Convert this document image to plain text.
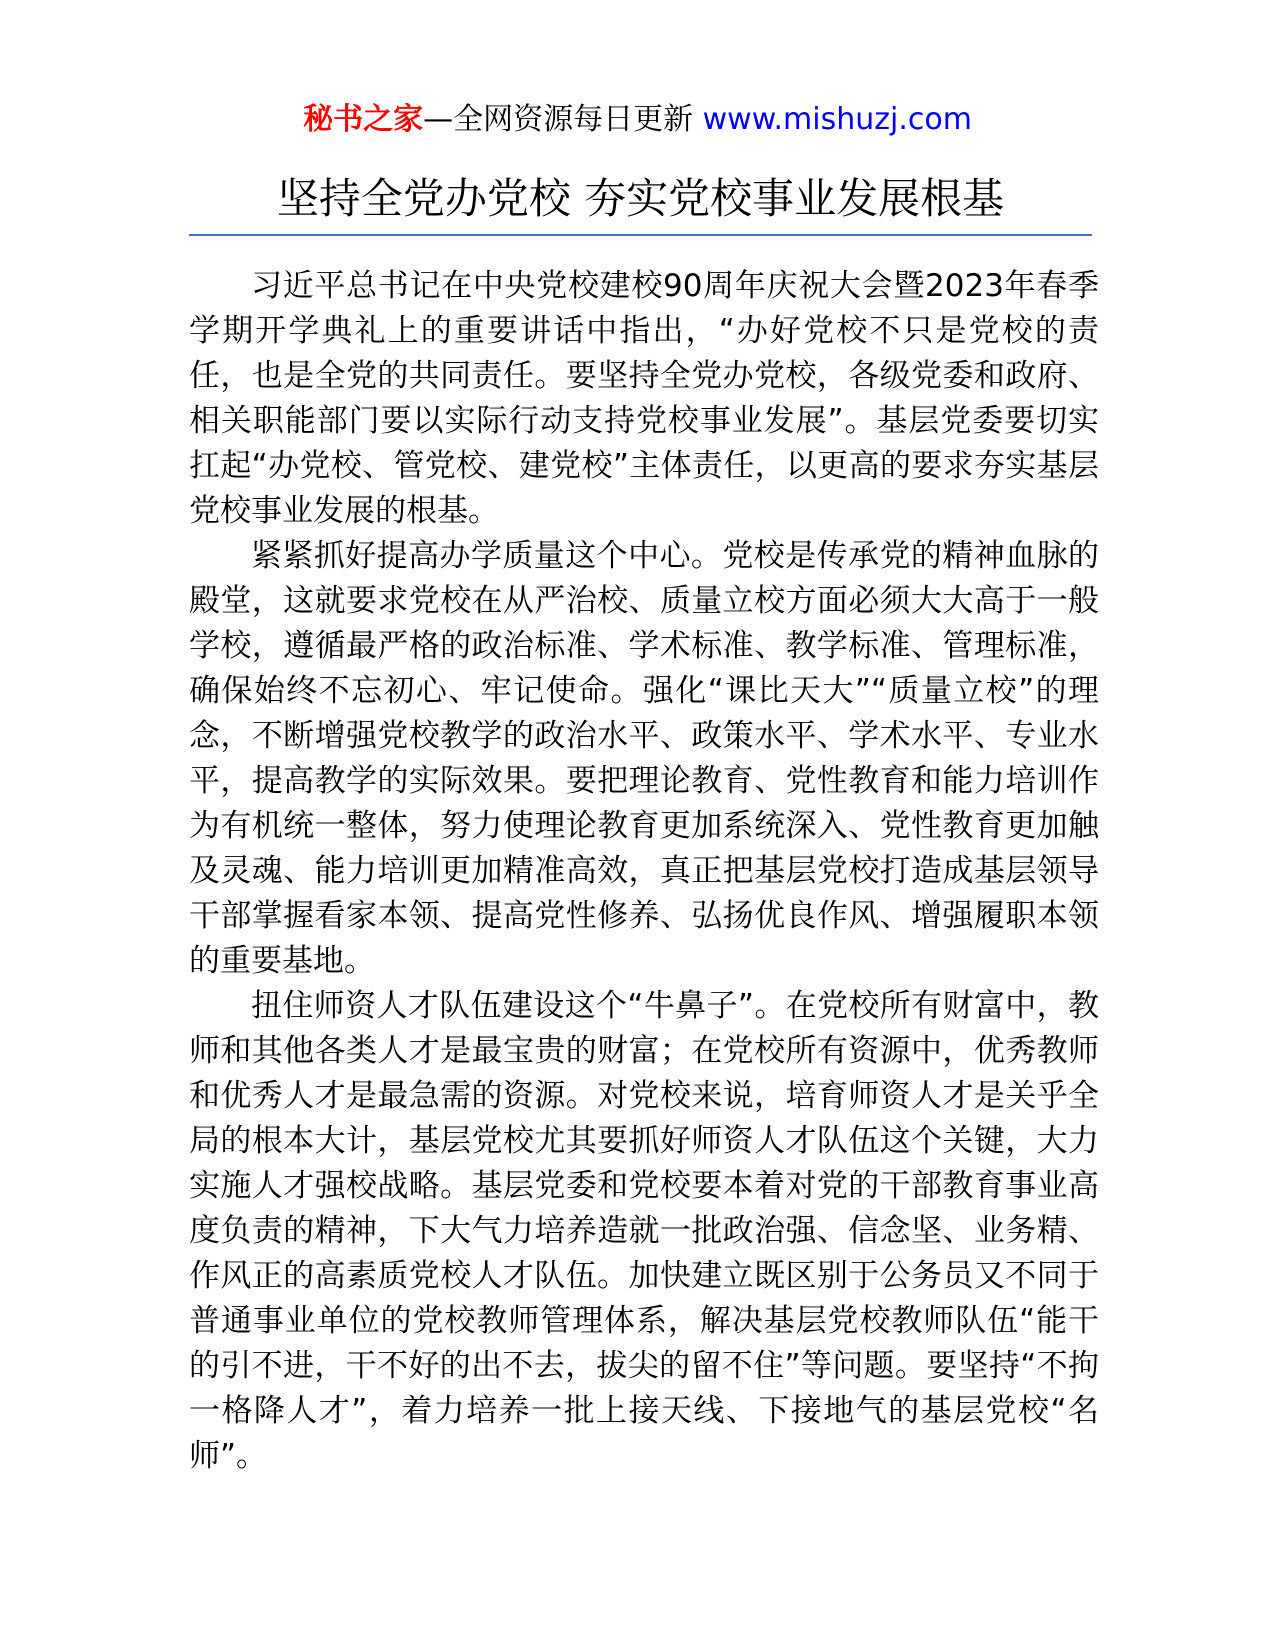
秘书之家—全网资源每日更新 www.mishuzj.com
坚持全党办党校 夯实党校事业发展根基

习近平总书记在中央党校建校90周年庆祝大会暨2023年春季学期开学典礼上的重要讲话中指出，“办好党校不只是党校的责任，也是全党的共同责任。要坚持全党办党校，各级党委和政府、相关职能部门要以实际行动支持党校事业发展”。基层党委要切实扛起“办党校、管党校、建党校”主体责任，以更高的要求夯实基层党校事业发展的根基。

紧紧抓好提高办学质量这个中心。党校是传承党的精神血脉的殿堂，这就要求党校在从严治校、质量立校方面必须大大高于一般学校，遵循最严格的政治标准、学术标准、教学标准、管理标准，确保始终不忘初心、牢记使命。强化“课比天大”“质量立校”的理念，不断增强党校教学的政治水平、政策水平、学术水平、专业水平，提高教学的实际效果。要把理论教育、党性教育和能力培训作为有机统一整体，努力使理论教育更加系统深入、党性教育更加触及灵魂、能力培训更加精准高效，真正把基层党校打造成基层领导干部掌握看家本领、提高党性修养、弘扬优良作风、增强履职本领的重要基地。

扭住师资人才队伍建设这个“牛鼻子”。在党校所有财富中，教师和其他各类人才是最宝贵的财富；在党校所有资源中，优秀教师和优秀人才是最急需的资源。对党校来说，培育师资人才是关乎全局的根本大计，基层党校尤其要抓好师资人才队伍这个关键，大力实施人才强校战略。基层党委和党校要本着对党的干部教育事业高度负责的精神，下大气力培养造就一批政治强、信念坚、业务精、作风正的高素质党校人才队伍。加快建立既区别于公务员又不同于普通事业单位的党校教师管理体系，解决基层党校教师队伍“能干的引不进，干不好的出不去，拔尖的留不住”等问题。要坚持“不拘一格降人才”，着力培养一批上接天线、下接地气的基层党校“名师”。
